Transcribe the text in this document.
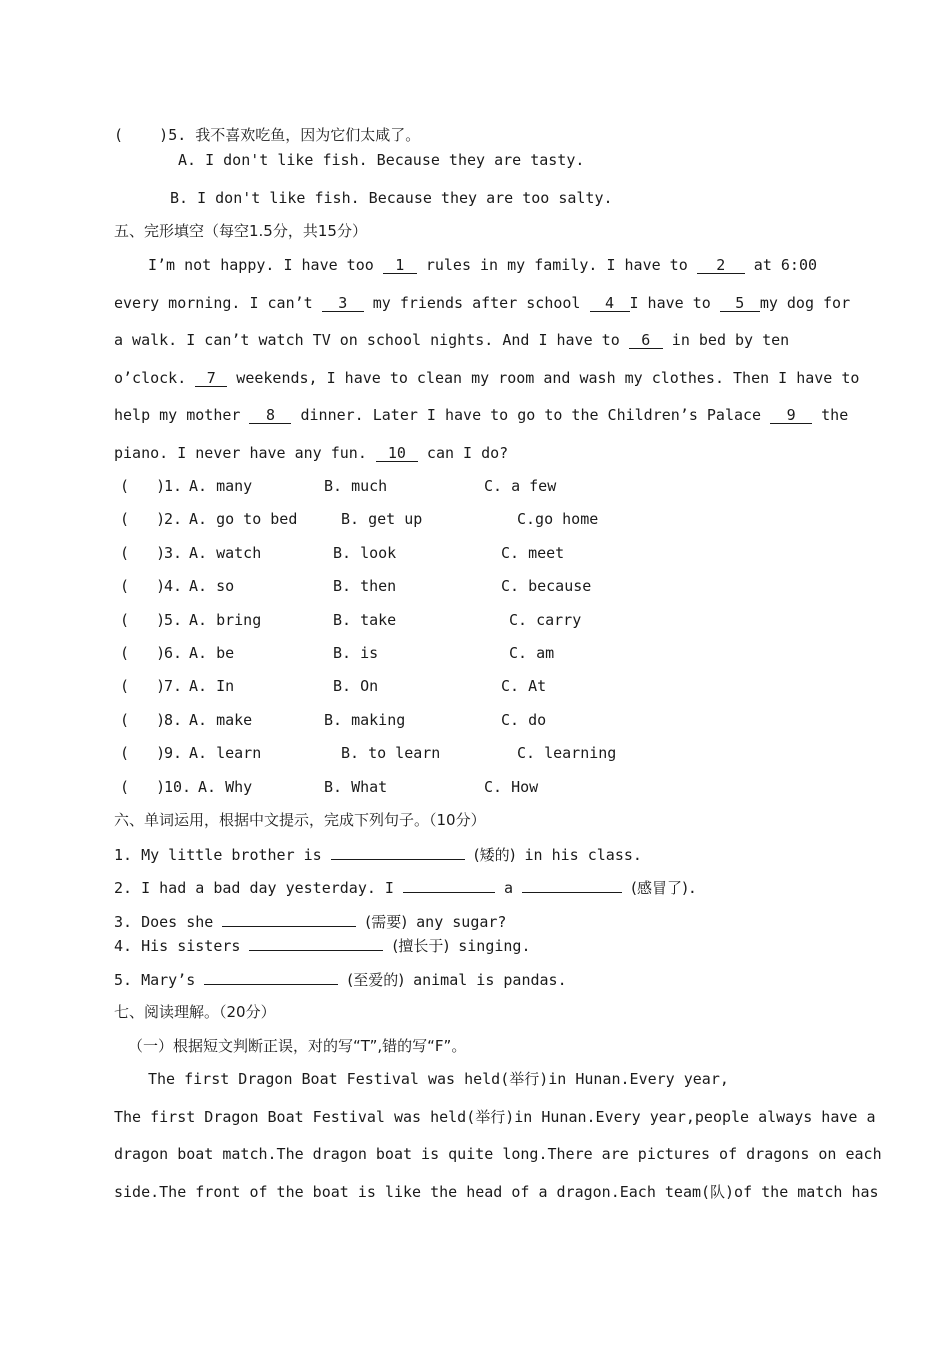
(    )5. 我不喜欢吃鱼，因为它们太咸了。
A. I don't like fish. Because they are tasty.
B. I don't like fish. Because they are too salty.
五、完形填空（每空1.5分，共15分）
I’m not happy. I have too 1 rules in my family. I have to 2 at 6:00
every morning. I can’t 3 my friends after school 4 I have to 5 my dog for
a walk. I can’t watch TV on school nights. And I have to 6 in bed by ten
o’clock. 7 weekends, I have to clean my room and wash my clothes. Then I have to
help my mother 8 dinner. Later I have to go to the Children’s Palace 9 the
piano. I never have any fun. 10 can I do?
(   )
1. A. many	B. much	C. a few
(   )
2. A. go to bed	B. get up	C.go home
(   )
3. A. watch	B. look	C. meet
(   )
4. A. so	B. then	C. because
(   )
5. A. bring	B. take	C. carry
(   )
6. A. be	B. is	C. am
(   )
7. A. In	B. On	C. At
(   )
8. A. make	B. making	C. do
(   )
9. A. learn	B. to learn	C. learning
(   )
10. A. Why	B. What	C. How
六、单词运用，根据中文提示，完成下列句子。（10分）
1. My little brother is	(矮的) in his class.
2. I had a bad day yesterday. I	a	(感冒了).
3. Does she	(需要) any sugar?
4. His sisters	(擅长于) singing.
5. Mary’s	(至爱的) animal is pandas.
七、阅读理解。（20分）
（一）根据短文判断正误，对的写“T”,错的写“F”。
The first Dragon Boat Festival was held(举行)in Hunan.Every year,
The first Dragon Boat Festival was held(举行)in Hunan.Every year,people always have a
dragon boat match.The dragon boat is quite long.There are pictures of dragons on each
side.The front of the boat is like the head of a dragon.Each team(队)of the match has
